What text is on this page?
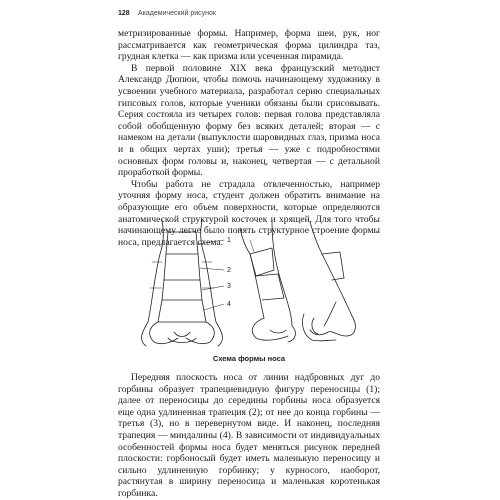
128 Академический рисунок

метризированные формы. Например, форма шеи, рук, ног рассматривается как геометрическая форма цилиндра таз, грудная клетка — как призма или усеченная пирамида.

В первой половине XIX века французский методист Александр Дюпюи, чтобы помочь начинающему художнику в усвоении учебного материала, разработал серию специальных гипсовых голов, которые ученики обязаны были срисовывать. Серия состояла из четырех голов: первая голова представляла собой обобщенную форму без всяких деталей; вторая — с намеком на детали (выпуклости шаровидных глаз, призма носа и в общих чертах уши); третья — уже с подробностями основных форм головы и, наконец, четвертая — с детальной проработкой формы.

Чтобы работа не страдала отвлеченностью, например уточняя форму носа, студент должен обратить внимание на образующие его объем поверхности, которые определяются анатомической структурой косточек и хрящей. Для того чтобы начинающему легче было понять структурное строение формы носа, предлагается схема. 1
2
3
4
Схема формы носа

Передняя плоскость носа от линии надбровных дуг до горбины образует трапециевидную фигуру переносицы (1); далее от переносицы до середины горбины носа образуется еще одна удлиненная трапеция (2); от нее до конца горбины — третья (3), но в перевернутом виде. И наконец, последняя трапеция — миндалины (4). В зависимости от индивидуальных особенностей формы носа будет меняться рисунок передней плоскости: горбоносый будет иметь маленькую переносицу и сильно удлиненную горбинку; у курносого, наоборот, растянутая в ширину переносица и маленькая коротенькая горбинка.
